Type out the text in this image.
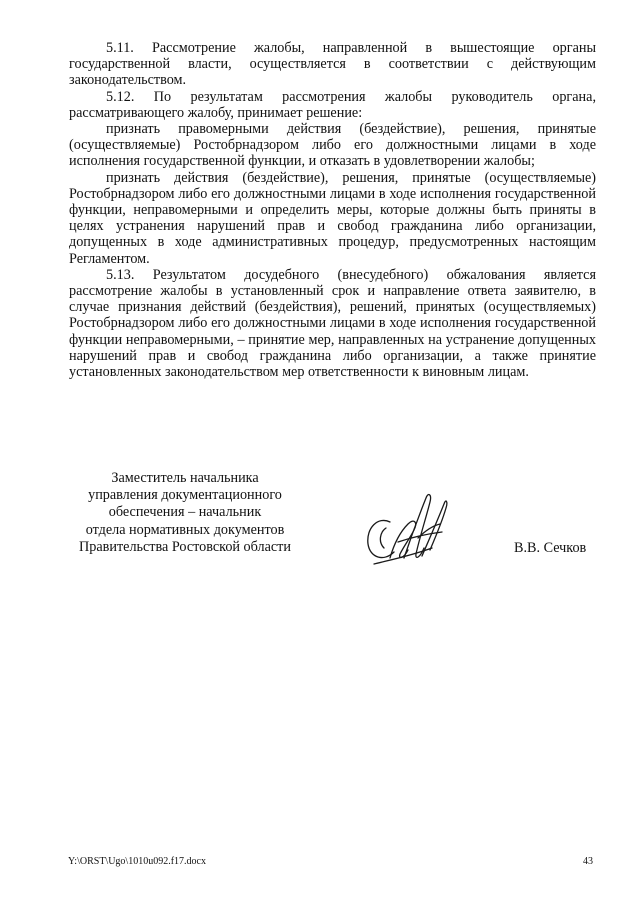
5.11. Рассмотрение жалобы, направленной в вышестоящие органы государственной власти, осуществляется в соответствии с действующим законодательством.

5.12. По результатам рассмотрения жалобы руководитель органа, рассматривающего жалобу, принимает решение:

признать правомерными действия (бездействие), решения, принятые (осуществляемые) Ростобрнадзором либо его должностными лицами в ходе исполнения государственной функции, и отказать в удовлетворении жалобы;

признать действия (бездействие), решения, принятые (осуществляемые) Ростобрнадзором либо его должностными лицами в ходе исполнения государственной функции, неправомерными и определить меры, которые должны быть приняты в целях устранения нарушений прав и свобод гражданина либо организации, допущенных в ходе административных процедур, предусмотренных настоящим Регламентом.

5.13. Результатом досудебного (внесудебного) обжалования является рассмотрение жалобы в установленный срок и направление ответа заявителю, в случае признания действий (бездействия), решений, принятых (осуществляемых) Ростобрнадзором либо его должностными лицами в ходе исполнения государственной функции неправомерными, – принятие мер, направленных на устранение допущенных нарушений прав и свобод гражданина либо организации, а также принятие установленных законодательством мер ответственности к виновным лицам.

Заместитель начальника
управления документационного
обеспечения – начальник
отдела нормативных документов
Правительства Ростовской области	В.В. Сечков
Y:\ORST\Ugo\1010u092.f17.docx	43
